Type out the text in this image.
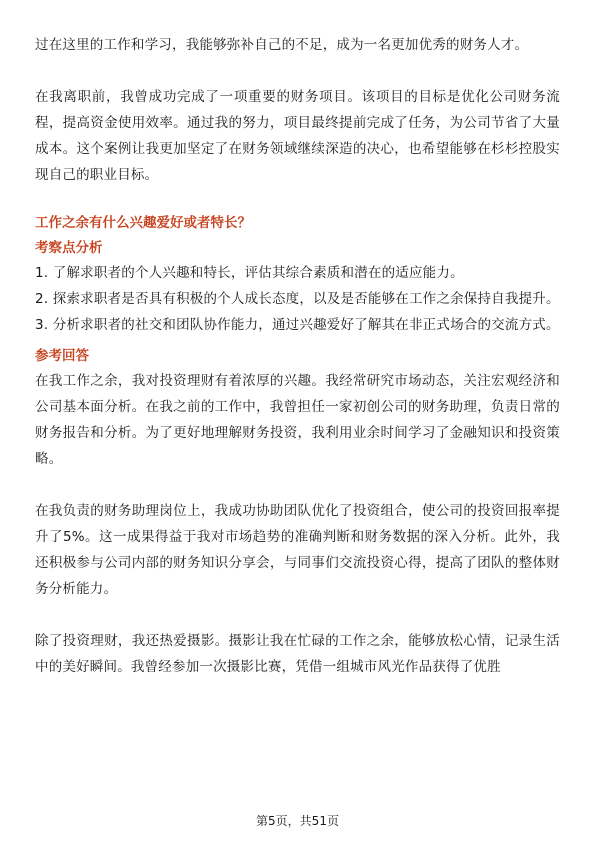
过在这里的工作和学习，我能够弥补自己的不足，成为一名更加优秀的财务人才。

在我离职前，我曾成功完成了一项重要的财务项目。该项目的目标是优化公司财务流程，提高资金使用效率。通过我的努力，项目最终提前完成了任务，为公司节省了大量成本。这个案例让我更加坚定了在财务领域继续深造的决心，也希望能够在杉杉控股实现自己的职业目标。

工作之余有什么兴趣爱好或者特长？

考察点分析

1. 了解求职者的个人兴趣和特长，评估其综合素质和潜在的适应能力。

2. 探索求职者是否具有积极的个人成长态度，以及是否能够在工作之余保持自我提升。

3. 分析求职者的社交和团队协作能力，通过兴趣爱好了解其在非正式场合的交流方式。

参考回答

在我工作之余，我对投资理财有着浓厚的兴趣。我经常研究市场动态，关注宏观经济和公司基本面分析。在我之前的工作中，我曾担任一家初创公司的财务助理，负责日常的财务报告和分析。为了更好地理解财务投资，我利用业余时间学习了金融知识和投资策略。

在我负责的财务助理岗位上，我成功协助团队优化了投资组合，使公司的投资回报率提升了5%。这一成果得益于我对市场趋势的准确判断和财务数据的深入分析。此外，我还积极参与公司内部的财务知识分享会，与同事们交流投资心得，提高了团队的整体财务分析能力。

除了投资理财，我还热爱摄影。摄影让我在忙碌的工作之余，能够放松心情，记录生活中的美好瞬间。我曾经参加一次摄影比赛，凭借一组城市风光作品获得了优胜

第5页，共51页
